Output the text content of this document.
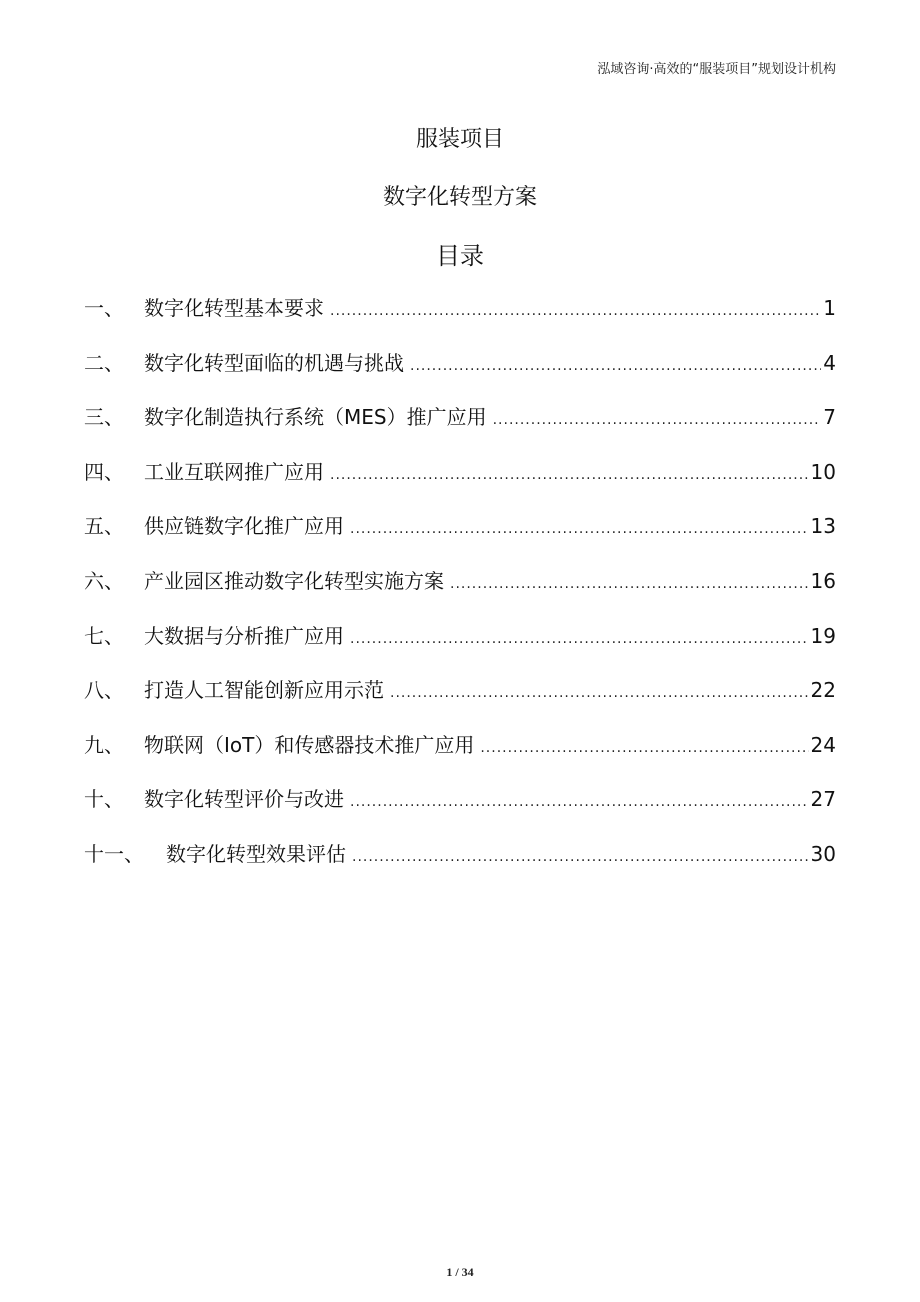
泓域咨询·高效的“服装项目”规划设计机构
服装项目
数字化转型方案
目录
一、	数字化转型基本要求 .....	1
二、	数字化转型面临的机遇与挑战 .....	4
三、	数字化制造执行系统（MES）推广应用 .....	7
四、	工业互联网推广应用 .....	10
五、	供应链数字化推广应用 .....	13
六、	产业园区推动数字化转型实施方案 .....	16
七、	大数据与分析推广应用 .....	19
八、	打造人工智能创新应用示范 .....	22
九、	物联网（IoT）和传感器技术推广应用 .....	24
十、	数字化转型评价与改进 .....	27
十一、	数字化转型效果评估 .....	30
1 / 34
